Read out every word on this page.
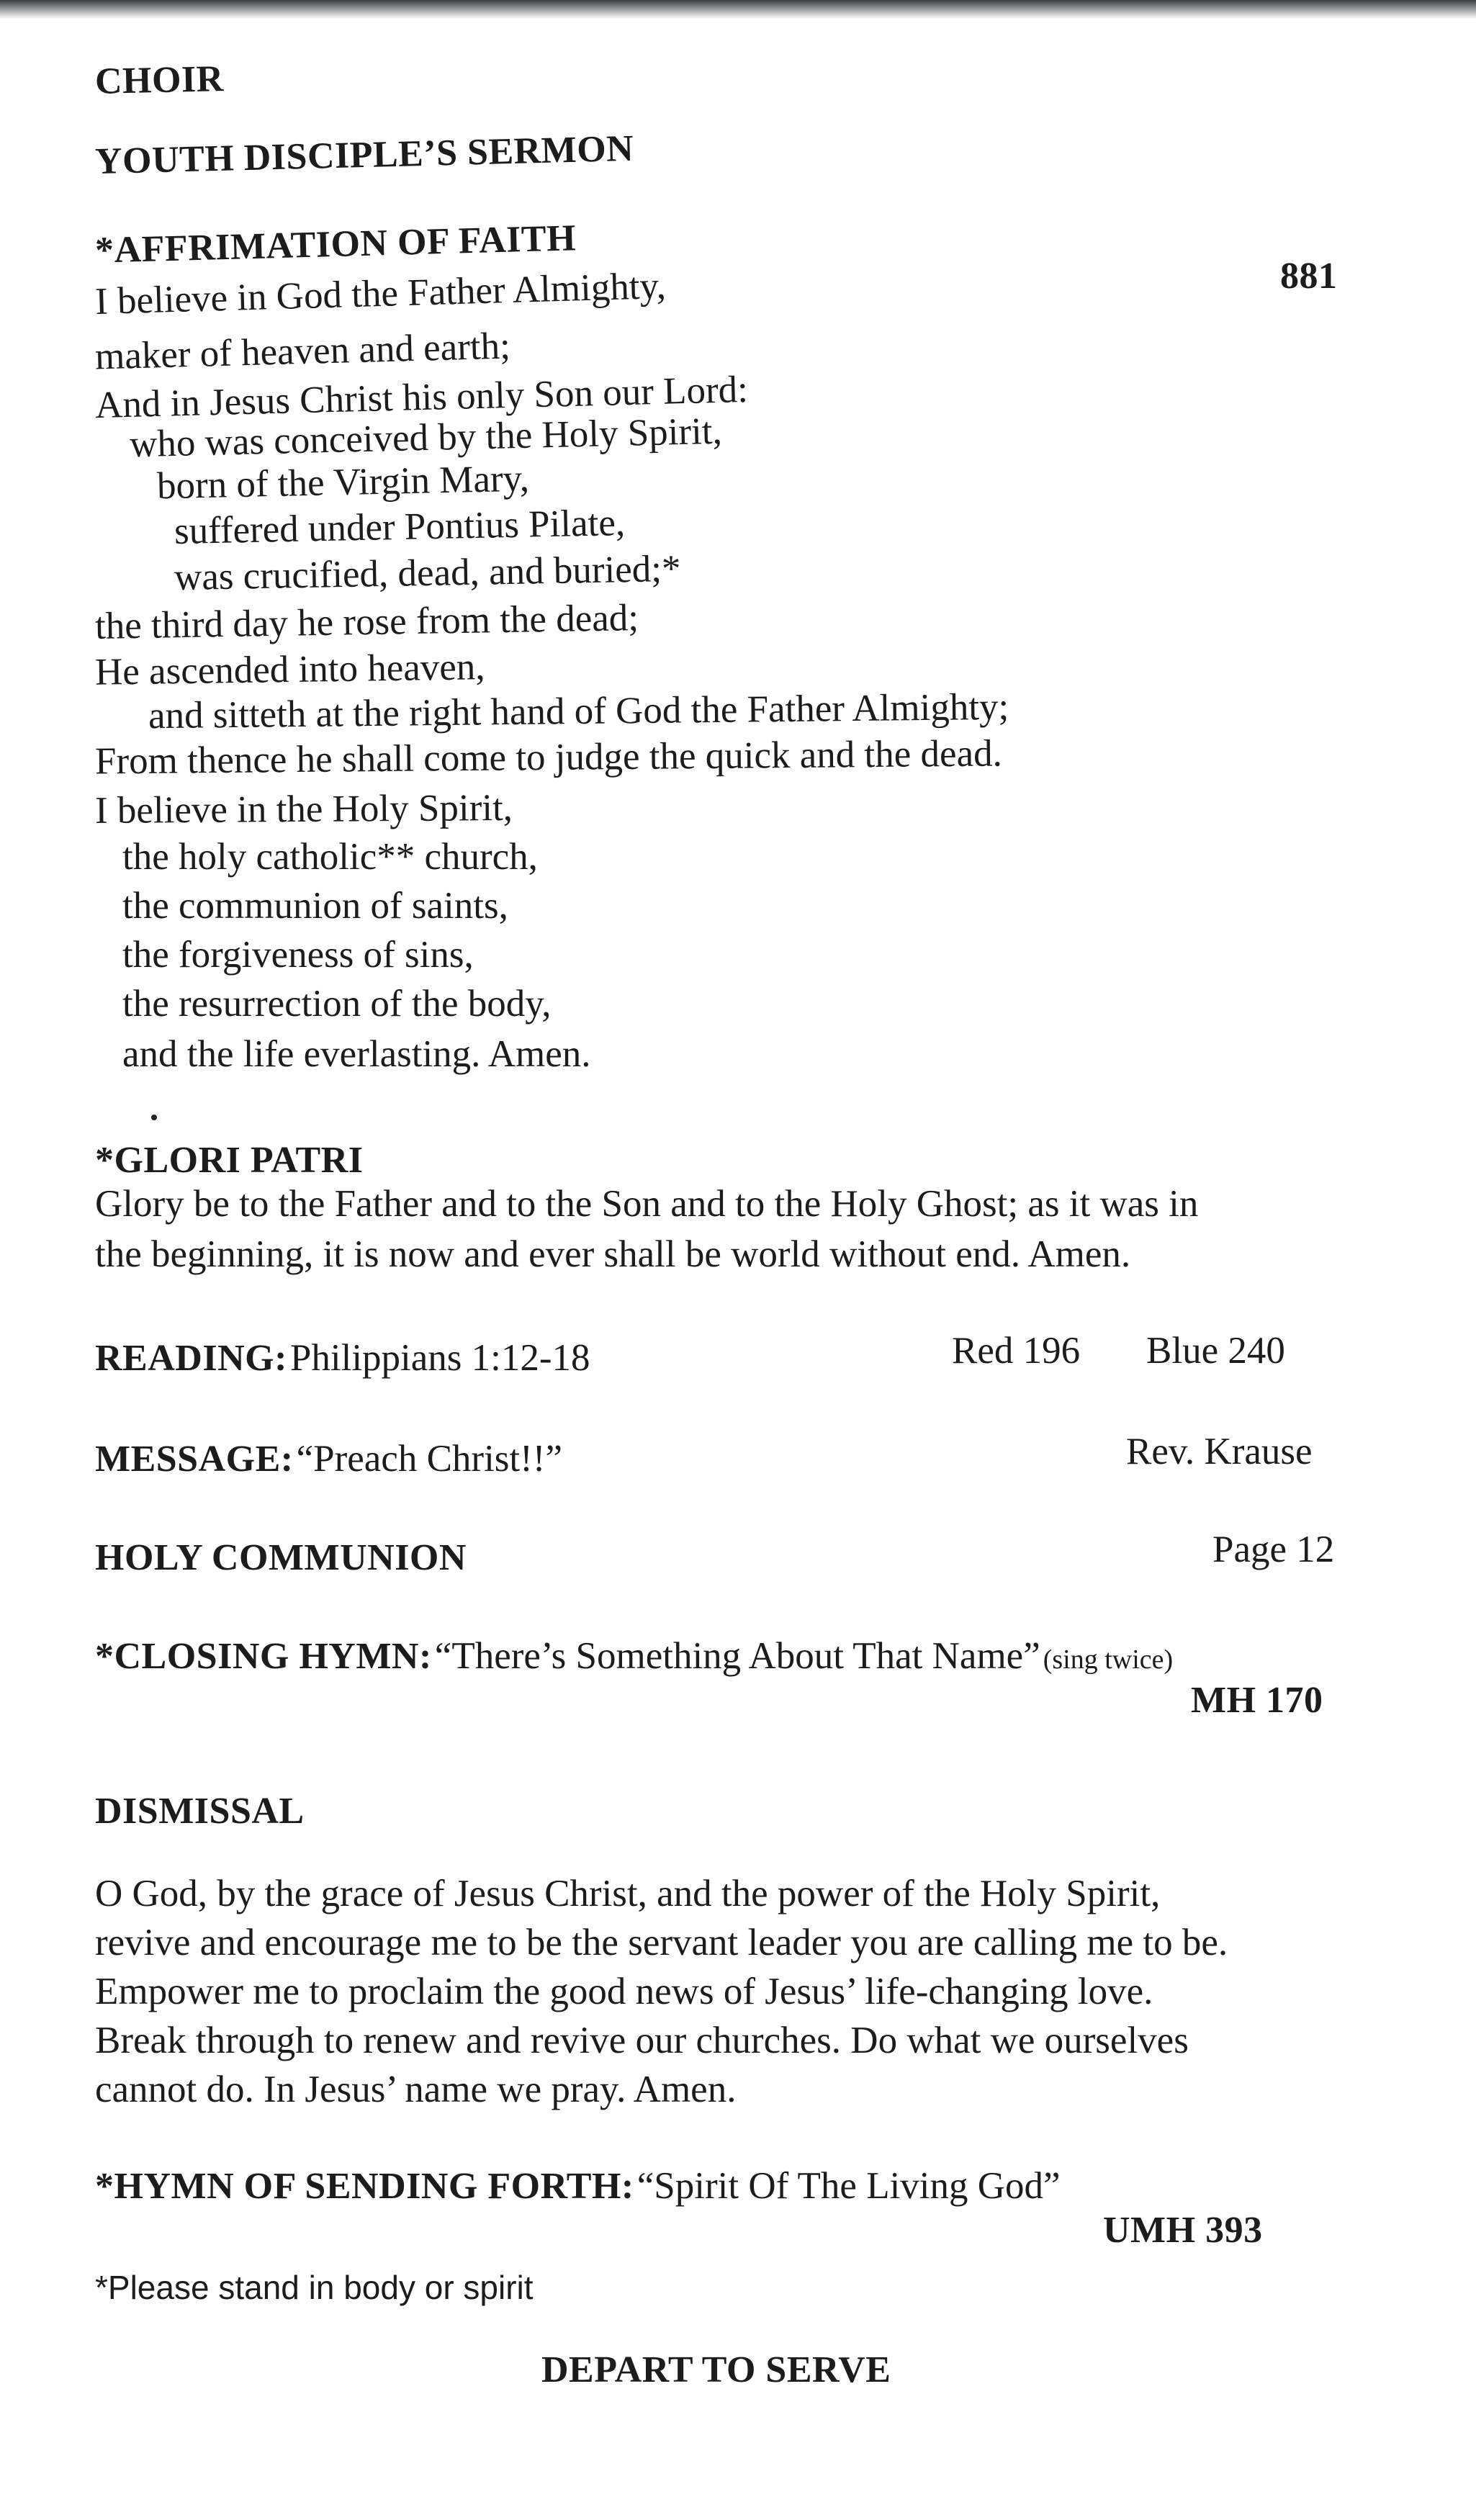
CHOIR
YOUTH DISCIPLE’S SERMON
*AFFRIMATION OF FAITH
881
I believe in God the Father Almighty,
maker of heaven and earth;
And in Jesus Christ his only Son our Lord:
who was conceived by the Holy Spirit,
born of the Virgin Mary,
suffered under Pontius Pilate,
was crucified, dead, and buried;*
the third day he rose from the dead;
He ascended into heaven,
and sitteth at the right hand of God the Father Almighty;
From thence he shall come to judge the quick and the dead.
I believe in the Holy Spirit,
the holy catholic** church,
the communion of saints,
the forgiveness of sins,
the resurrection of the body,
and the life everlasting. Amen.
*GLORI PATRI
Glory be to the Father and to the Son and to the Holy Ghost; as it was in
the beginning, it is now and ever shall be world without end. Amen.
READING: Philippians 1:12-18	Red 196 Blue 240
MESSAGE: “Preach Christ!!”	Rev. Krause
HOLY COMMUNION	Page 12
*CLOSING HYMN: “There’s Something About That Name” (sing twice)
MH 170
DISMISSAL
O God, by the grace of Jesus Christ, and the power of the Holy Spirit,
revive and encourage me to be the servant leader you are calling me to be.
Empower me to proclaim the good news of Jesus’ life-changing love.
Break through to renew and revive our churches. Do what we ourselves
cannot do. In Jesus’ name we pray. Amen.
*HYMN OF SENDING FORTH: “Spirit Of The Living God”
UMH 393
*Please stand in body or spirit
DEPART TO SERVE
